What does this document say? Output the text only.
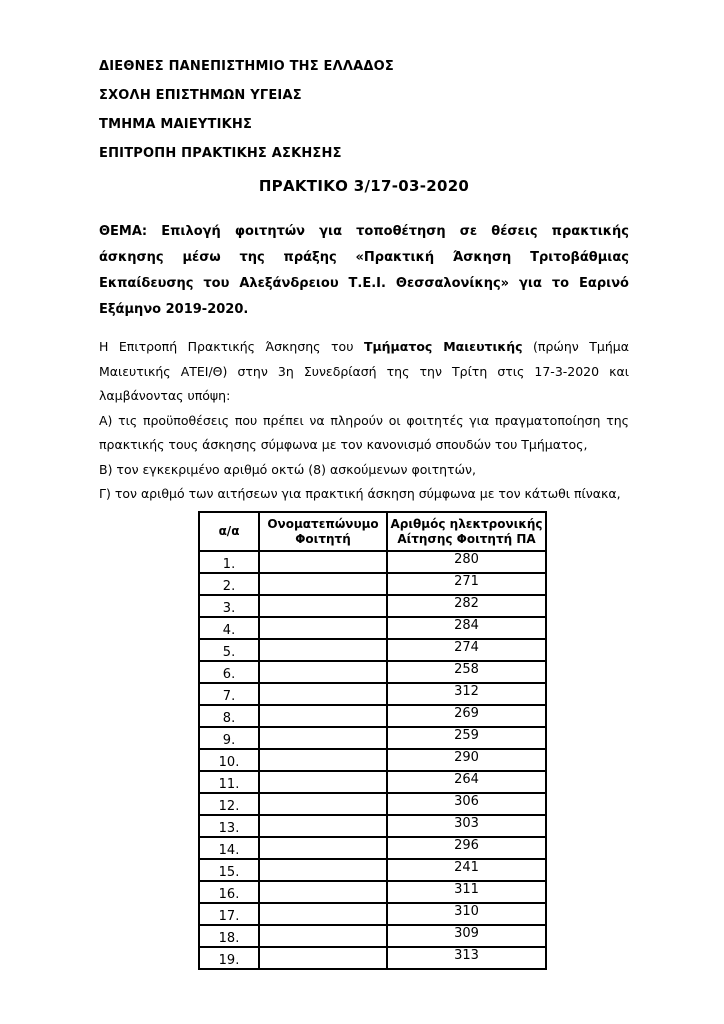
ΔΙΕΘΝΕΣ ΠΑΝΕΠΙΣΤΗΜΙΟ ΤΗΣ ΕΛΛΑΔΟΣ

ΣΧΟΛΗ ΕΠΙΣΤΗΜΩΝ ΥΓΕΙΑΣ

ΤΜΗΜΑ ΜΑΙΕΥΤΙΚΗΣ

ΕΠΙΤΡΟΠΗ ΠΡΑΚΤΙΚΗΣ ΑΣΚΗΣΗΣ

ΠΡΑΚΤΙΚΟ 3/17-03-2020

ΘΕΜΑ: Επιλογή φοιτητών για τοποθέτηση σε θέσεις πρακτικής άσκησης μέσω της πράξης «Πρακτική Άσκηση Τριτοβάθμιας Εκπαίδευσης του Αλεξάνδρειου Τ.Ε.Ι. Θεσσαλονίκης» για το Εαρινό Εξάμηνο 2019-2020.

Η Επιτροπή Πρακτικής Άσκησης του Τμήματος Μαιευτικής (πρώην Τμήμα Μαιευτικής ΑΤΕΙ/Θ) στην 3η Συνεδρίασή της την Τρίτη στις 17-3-2020 και λαμβάνοντας υπόψη:

Α) τις προϋποθέσεις που πρέπει να πληρούν οι φοιτητές για πραγματοποίηση της πρακτικής τους άσκησης σύμφωνα με τον κανονισμό σπουδών του Τμήματος,

Β) τον εγκεκριμένο αριθμό οκτώ (8) ασκούμενων φοιτητών,

Γ) τον αριθμό των αιτήσεων για πρακτική άσκηση σύμφωνα με τον κάτωθι πίνακα,

α/α	Ονοματεπώνυμο Φοιτητή	Αριθμός ηλεκτρονικής Αίτησης Φοιτητή ΠΑ
1.		280
2.		271
3.		282
4.		284
5.		274
6.		258
7.		312
8.		269
9.		259
10.		290
11.		264
12.		306
13.		303
14.		296
15.		241
16.		311
17.		310
18.		309
19.		313
